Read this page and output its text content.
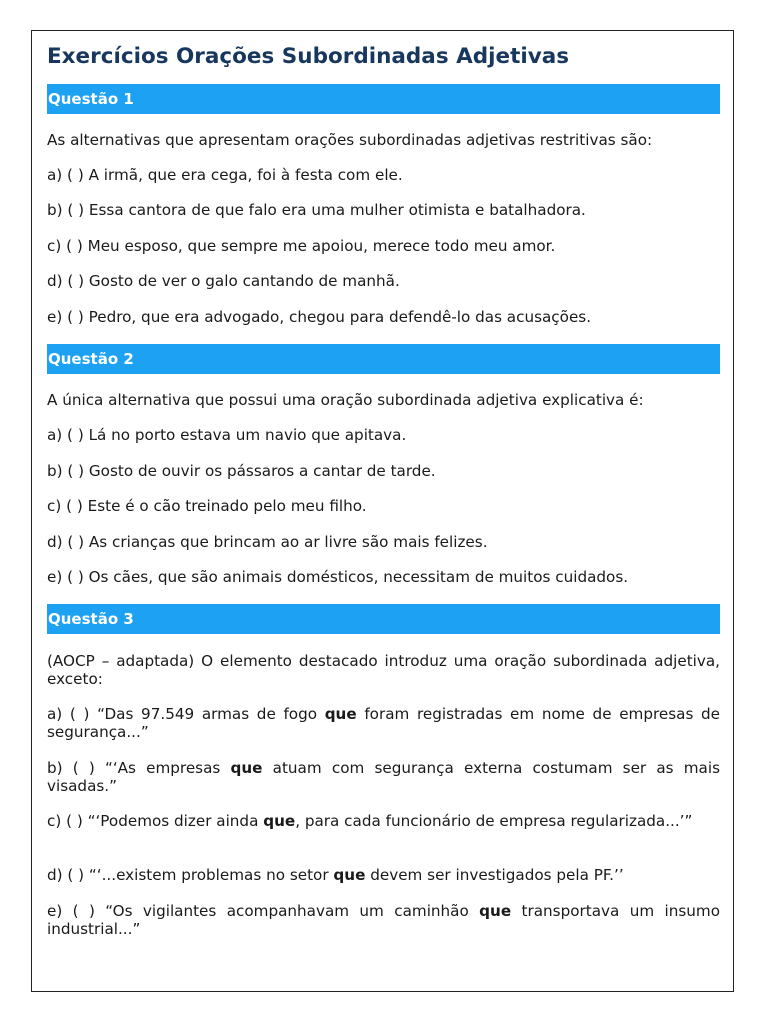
Exercícios Orações Subordinadas Adjetivas
Questão 1

As alternativas que apresentam orações subordinadas adjetivas restritivas são:

a) ( ) A irmã, que era cega, foi à festa com ele.

b) ( ) Essa cantora de que falo era uma mulher otimista e batalhadora.

c) ( ) Meu esposo, que sempre me apoiou, merece todo meu amor.

d) ( ) Gosto de ver o galo cantando de manhã.

e) ( ) Pedro, que era advogado, chegou para defendê-lo das acusações.

Questão 2

A única alternativa que possui uma oração subordinada adjetiva explicativa é:

a) ( ) Lá no porto estava um navio que apitava.

b) ( ) Gosto de ouvir os pássaros a cantar de tarde.

c) ( ) Este é o cão treinado pelo meu filho.

d) ( ) As crianças que brincam ao ar livre são mais felizes.

e) ( ) Os cães, que são animais domésticos, necessitam de muitos cuidados.

Questão 3

(AOCP – adaptada) O elemento destacado introduz uma oração subordinada adjetiva, exceto:

a) ( ) “Das 97.549 armas de fogo que foram registradas em nome de empresas de segurança...”

b) ( ) “‘As empresas que atuam com segurança externa costumam ser as mais visadas.”

c) ( ) “‘Podemos dizer ainda que, para cada funcionário de empresa regularizada...’”

d) ( ) “‘...existem problemas no setor que devem ser investigados pela PF.’’

e) ( ) “Os vigilantes acompanhavam um caminhão que transportava um insumo industrial...”
